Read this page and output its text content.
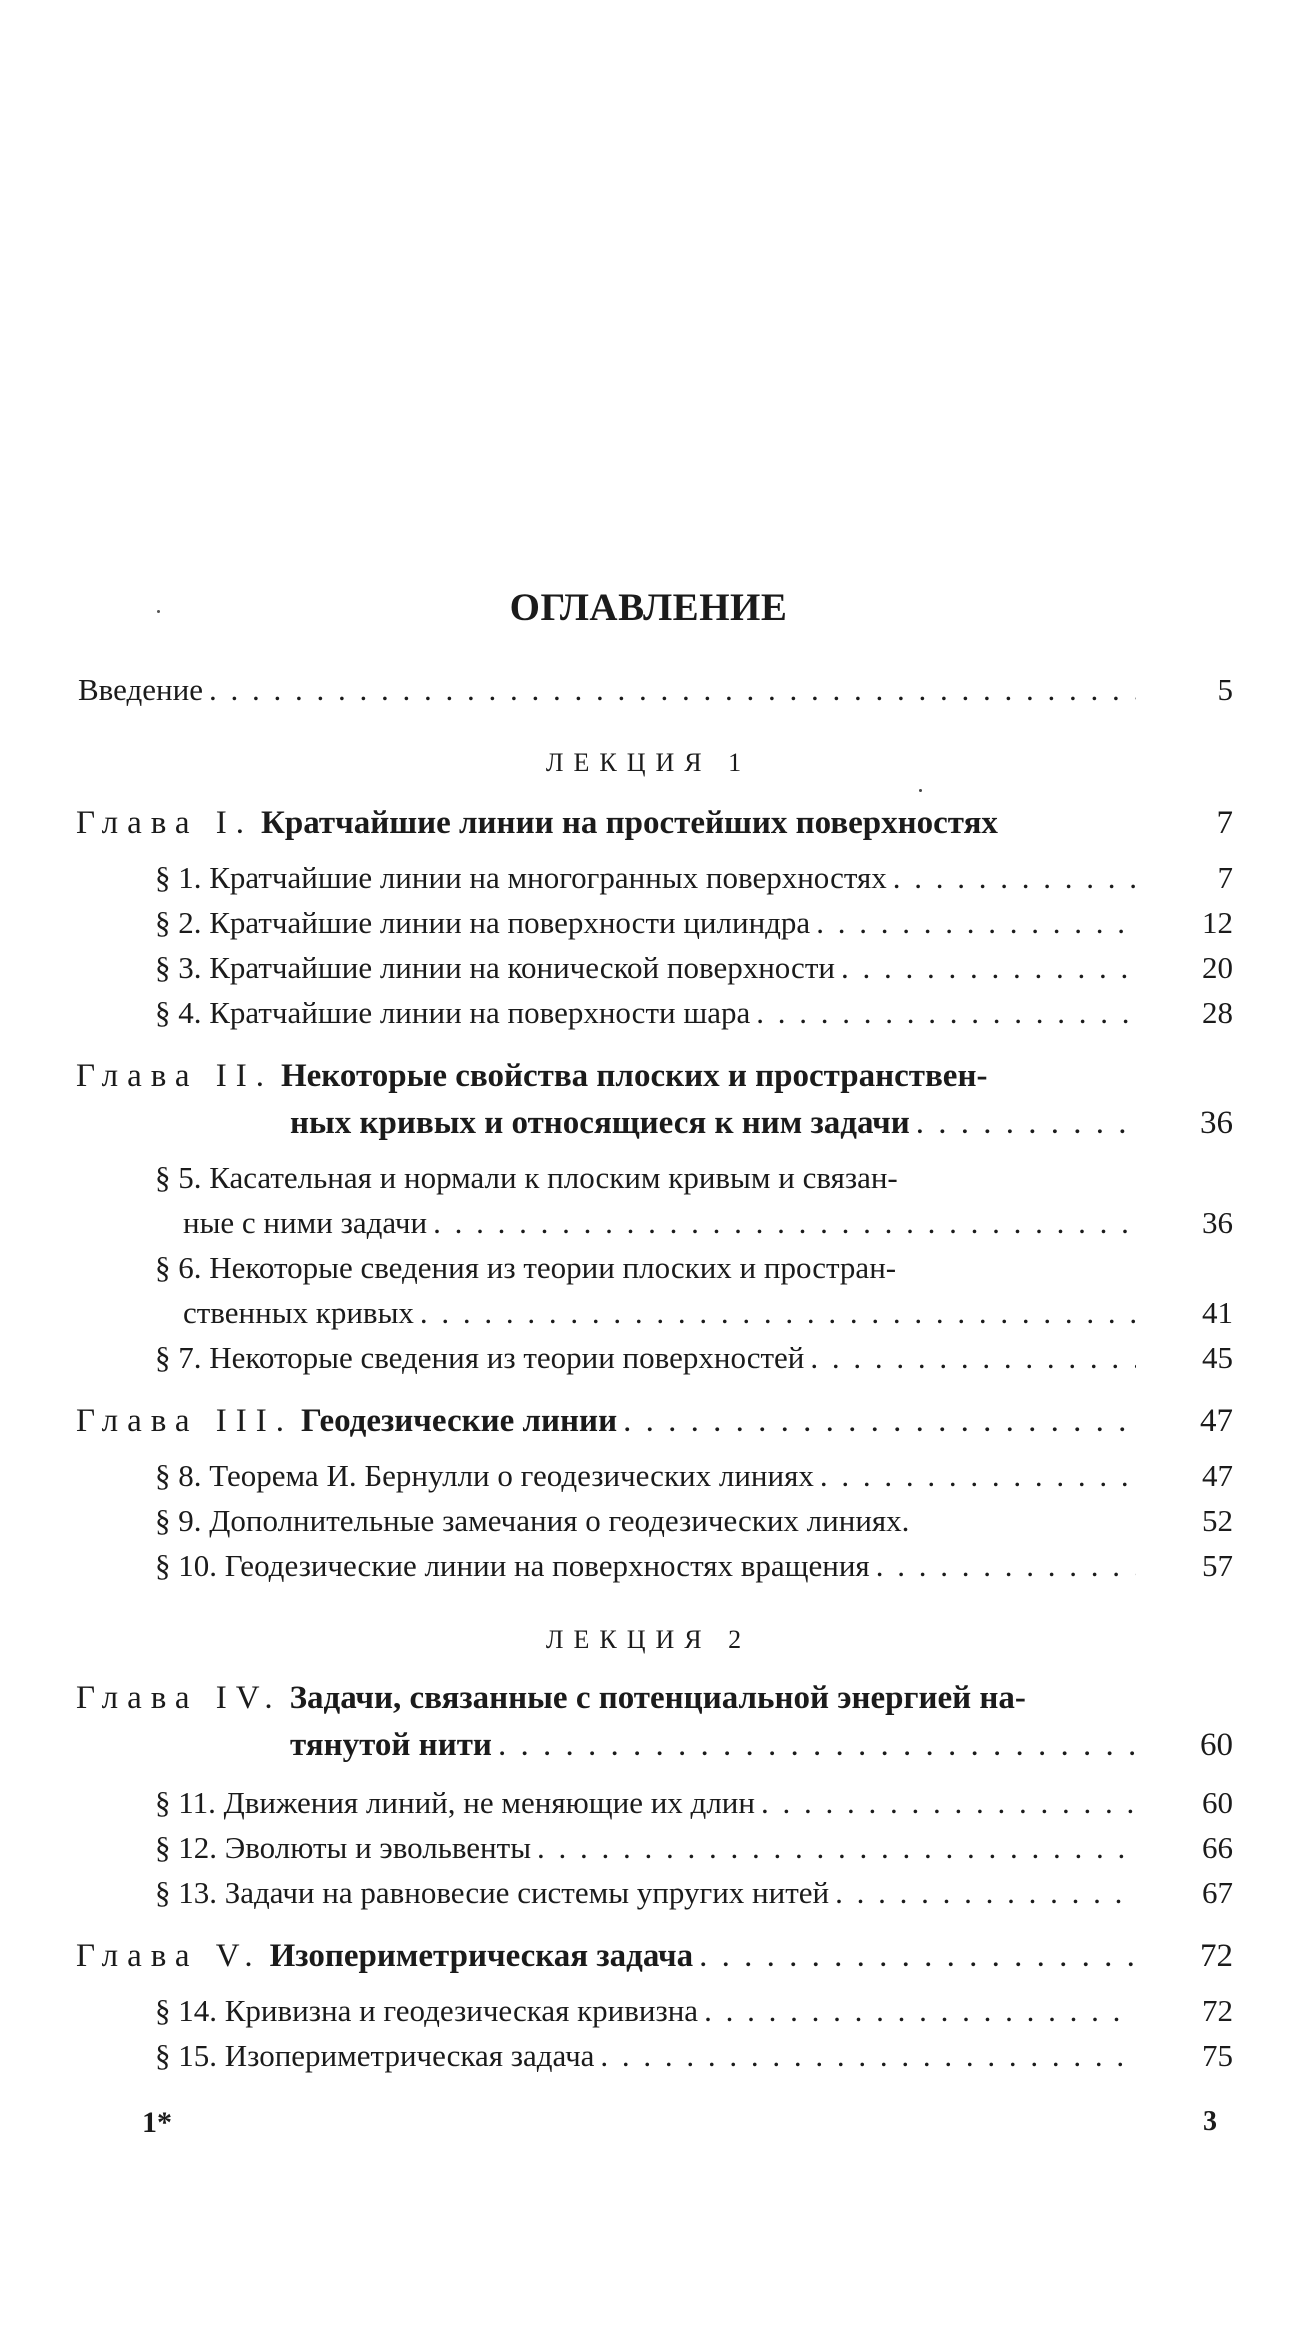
ОГЛАВЛЕНИЕ
Введение . . .	5
ЛЕКЦИЯ 1
Глава I. Кратчайшие линии на простейших поверхностях	7
§ 1. Кратчайшие линии на многогранных поверхностях . . .	7
§ 2. Кратчайшие линии на поверхности цилиндра . . .	12
§ 3. Кратчайшие линии на конической поверхности . . .	20
§ 4. Кратчайшие линии на поверхности шара . . .	28
Глава II. Некоторые свойства плоских и пространствен-
ных кривых и относящиеся к ним задачи . . .	36
§ 5. Касательная и нормали к плоским кривым и связан-
ные с ними задачи . . .	36
§ 6. Некоторые сведения из теории плоских и простран-
ственных кривых . . .	41
§ 7. Некоторые сведения из теории поверхностей . . .	45
Глава III. Геодезические линии . . .	47
§ 8. Теорема И. Бернулли о геодезических линиях . . .	47
§ 9. Дополнительные замечания о геодезических линиях.	52
§ 10. Геодезические линии на поверхностях вращения . . .	57
ЛЕКЦИЯ 2
Глава IV. Задачи, связанные с потенциальной энергией на-
тянутой нити . . .	60
§ 11. Движения линий, не меняющие их длин . . .	60
§ 12. Эволюты и эвольвенты . . .	66
§ 13. Задачи на равновесие системы упругих нитей . . .	67
Глава V. Изопериметрическая задача . . .	72
§ 14. Кривизна и геодезическая кривизна . . .	72
§ 15. Изопериметрическая задача . . .	75
1*	3
